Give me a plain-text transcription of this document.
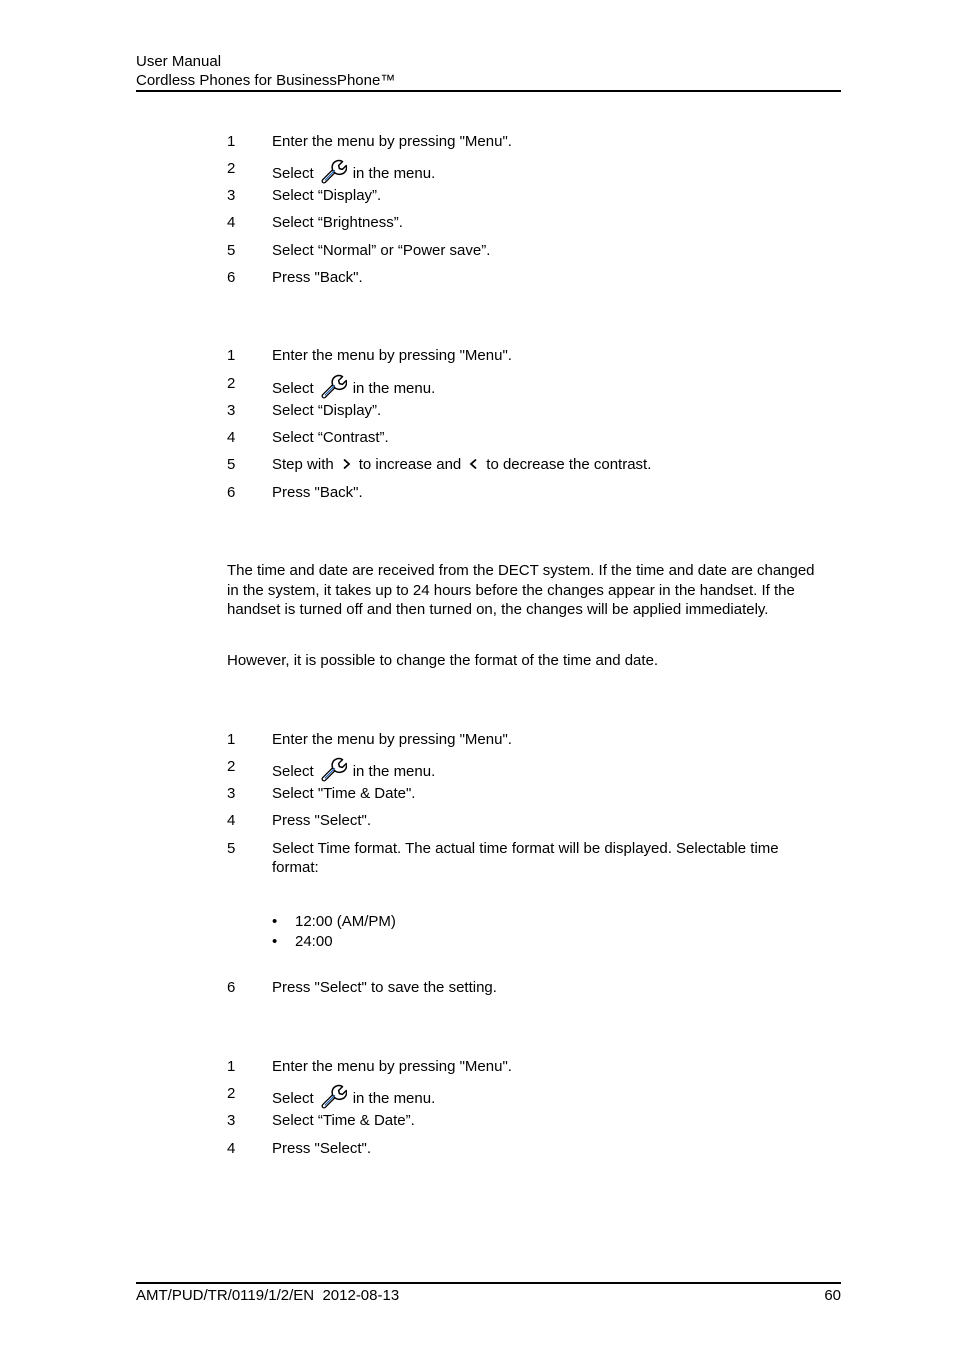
User Manual
Cordless Phones for BusinessPhone™
1 Enter the menu by pressing "Menu".
2 Select	in the menu.
3 Select “Display”.
4 Select “Brightness”.
5 Select “Normal” or “Power save”.
6 Press "Back".
1 Enter the menu by pressing "Menu".
2 Select	in the menu.
3 Select “Display”.
4 Select “Contrast”.
5 Step with to increase and to decrease the contrast.
6 Press "Back".
The time and date are received from the DECT system. If the time and date are changed in the system, it takes up to 24 hours before the changes appear in the handset. If the handset is turned off and then turned on, the changes will be applied immediately.
However, it is possible to change the format of the time and date.
1 Enter the menu by pressing "Menu".
2 Select	in the menu.
3 Select "Time & Date".
4 Press "Select".
5 Select Time format. The actual time format will be displayed. Selectable time format:
• 12:00 (AM/PM)
• 24:00
6 Press "Select" to save the setting.
1 Enter the menu by pressing "Menu".
2 Select	in the menu.
3 Select “Time & Date”.
4 Press "Select".
AMT/PUD/TR/0119/1/2/EN  2012-08-13	60
